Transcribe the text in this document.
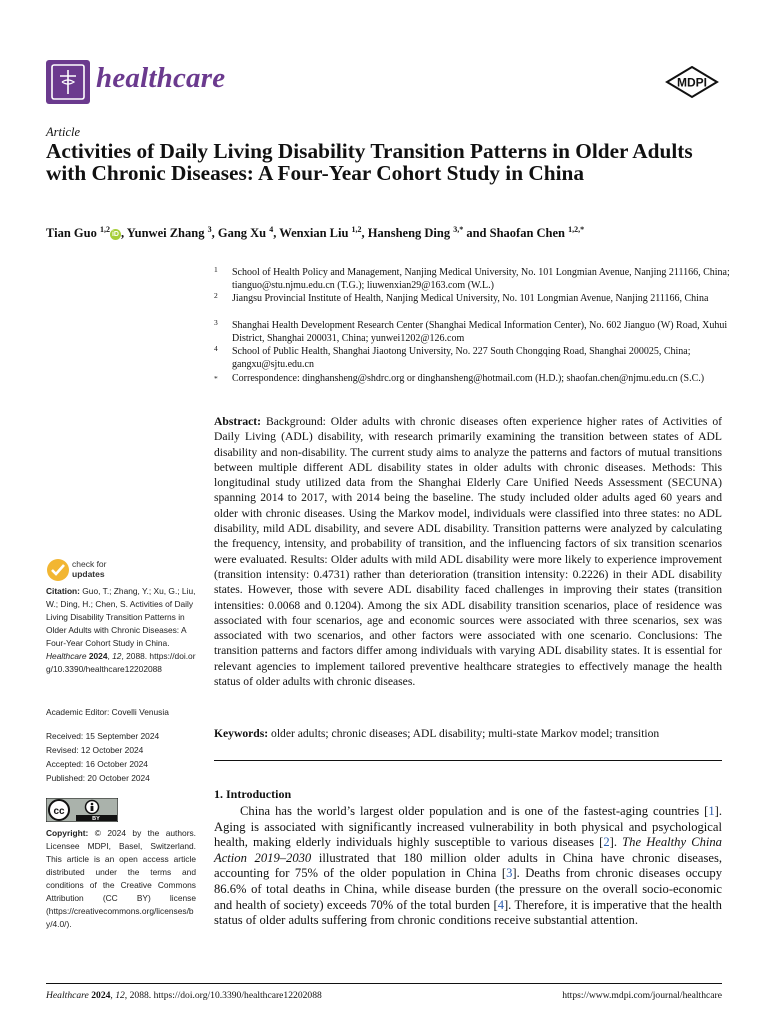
healthcare	MDPI
Article
Activities of Daily Living Disability Transition Patterns in Older Adults with Chronic Diseases: A Four-Year Cohort Study in China
Tian Guo $^{1,2}$iD , Yunwei Zhang $^3$, Gang Xu $^4$, Wenxian Liu $^{1,2}$, Hansheng Ding $^{3,*}$ and Shaofan Chen $^{1,2,*}$
1 School of Health Policy and Management, Nanjing Medical University, No. 101 Longmian Avenue, Nanjing 211166, China; tianguo@stu.njmu.edu.cn (T.G.); liuwenxian29@163.com (W.L.)
2 Jiangsu Provincial Institute of Health, Nanjing Medical University, No. 101 Longmian Avenue, Nanjing 211166, China
3 Shanghai Health Development Research Center (Shanghai Medical Information Center), No. 602 Jianguo (W) Road, Xuhui District, Shanghai 200031, China; yunwei1202@126.com
4 School of Public Health, Shanghai Jiaotong University, No. 227 South Chongqing Road, Shanghai 200025, China; gangxu@sjtu.edu.cn
* Correspondence: dinghansheng@shdrc.org or dinghansheng@hotmail.com (H.D.); shaofan.chen@njmu.edu.cn (S.C.)
Abstract: Background: Older adults with chronic diseases often experience higher rates of Activities of Daily Living (ADL) disability, with research primarily examining the transition between states of ADL disability and non-disability. The current study aims to analyze the patterns and factors of mutual transitions between multiple different ADL disability states in older adults with chronic diseases. Methods: This longitudinal study utilized data from the Shanghai Elderly Care Unified Needs Assessment (SECUNA) spanning 2014 to 2017, with 2014 being the baseline. The study included older adults aged 60 years and older with chronic diseases. Using the Markov model, individuals were classified into three states: no ADL disability, mild ADL disability, and severe ADL disability. Transition patterns were analyzed by calculating the frequency, intensity, and probability of transition, and the influencing factors of six transition scenarios were evaluated. Results: Older adults with mild ADL disability were more likely to experience improvement (transition intensity: 0.4731) rather than deterioration (transition intensity: 0.2226) in their ADL disability states. However, those with severe ADL disability faced challenges in improving their states (transition intensities: 0.0068 and 0.1204). Among the six ADL disability transition scenarios, place of residence was associated with four scenarios, age and economic sources were associated with three scenarios, sex was associated with two scenarios, and other factors were associated with one scenario. Conclusions: The transition patterns and factors differ among individuals with varying ADL disability states. It is essential for relevant agencies to implement tailored preventive healthcare strategies to effectively manage the health status of older adults with chronic diseases.
Keywords: older adults; chronic diseases; ADL disability; multi-state Markov model; transition
1. Introduction

China has the world’s largest older population and is one of the fastest-aging countries [1]. Aging is associated with significantly increased vulnerability in both physical and psychological health, making elderly individuals highly susceptible to various diseases [2]. The Healthy China Action 2019–2030 illustrated that 180 million older adults in China have chronic diseases, accounting for 75% of the older population in China [3]. Deaths from chronic diseases occupy 86.6% of total deaths in China, while disease burden (the pressure on the overall socio-economic and health of society) exceeds 70% of the total burden [4]. Therefore, it is imperative that the health status of older adults suffering from chronic conditions receive substantial attention.

check for
updates
Citation: Guo, T.; Zhang, Y.; Xu, G.; Liu, W.; Ding, H.; Chen, S. Activities of Daily Living Disability Transition Patterns in Older Adults with Chronic Diseases: A Four-Year Cohort Study in China. Healthcare 2024, 12, 2088. https://doi.org/10.3390/healthcare12202088
Academic Editor: Covelli Venusia
Received: 15 September 2024
Revised: 12 October 2024
Accepted: 16 October 2024
Published: 20 October 2024
cc
BY
Copyright: © 2024 by the authors. Licensee MDPI, Basel, Switzerland. This article is an open access article distributed under the terms and conditions of the Creative Commons Attribution (CC BY) license (https://creativecommons.org/licenses/by/4.0/).
Healthcare 2024, 12, 2088. https://doi.org/10.3390/healthcare12202088	https://www.mdpi.com/journal/healthcare
